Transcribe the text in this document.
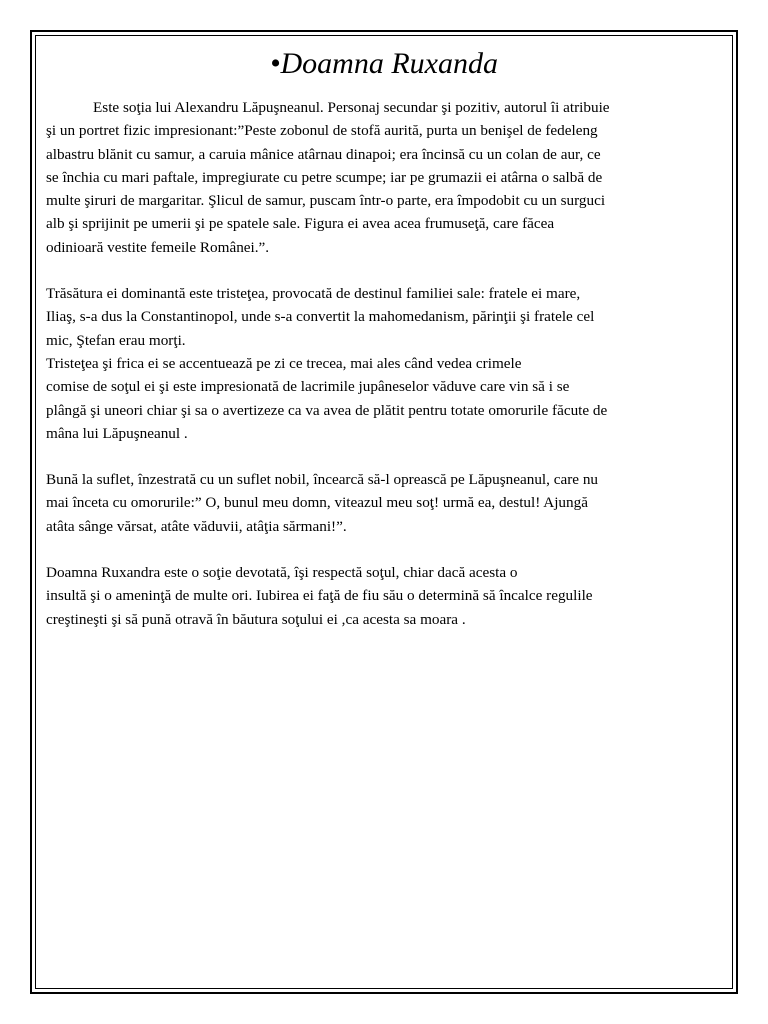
•Doamna Ruxanda

Este soţia lui Alexandru Lăpuşneanul. Personaj secundar şi pozitiv, autorul îi atribuie
şi un portret fizic impresionant:”Peste zobonul de stofă aurită, purta un benişel de fedeleng
albastru blănit cu samur, a caruia mânice atârnau dinapoi; era încinsă cu un colan de aur, ce
se închia cu mari paftale, impregiurate cu petre scumpe; iar pe grumazii ei atârna o salbă de
multe şiruri de margaritar. Şlicul de samur, puscam într-o parte, era împodobit cu un surguci
alb şi sprijinit pe umerii şi pe spatele sale. Figura ei avea acea frumuseţă, care făcea
odinioară vestite femeile Românei.”.

Trăsătura ei dominantă este tristeţea, provocată de destinul familiei sale: fratele ei mare,
Iliaş, s-a dus la Constantinopol, unde s-a convertit la mahomedanism, părinţii şi fratele cel
mic, Ştefan erau morţi.
Tristeţea şi frica ei se accentuează pe zi ce trecea, mai ales când vedea crimele
comise de soţul ei şi este impresionată de lacrimile jupâneselor văduve care vin să i se
plângă şi uneori chiar şi sa o avertizeze ca va avea de plătit pentru totate omorurile făcute de
mâna lui Lăpuşneanul .

Bună la suflet, înzestrată cu un suflet nobil, încearcă să-l oprească pe Lăpuşneanul, care nu
mai înceta cu omorurile:” O, bunul meu domn, viteazul meu soţ! urmă ea, destul! Ajungă
atâta sânge vărsat, atâte văduvii, atâţia sărmani!”.

Doamna Ruxandra este o soţie devotată, îşi respectă soţul, chiar dacă acesta o
insultă şi o ameninţă de multe ori. Iubirea ei faţă de fiu său o determină să încalce regulile
creştineşti şi să pună otravă în băutura soţului ei ,ca acesta sa moara .
